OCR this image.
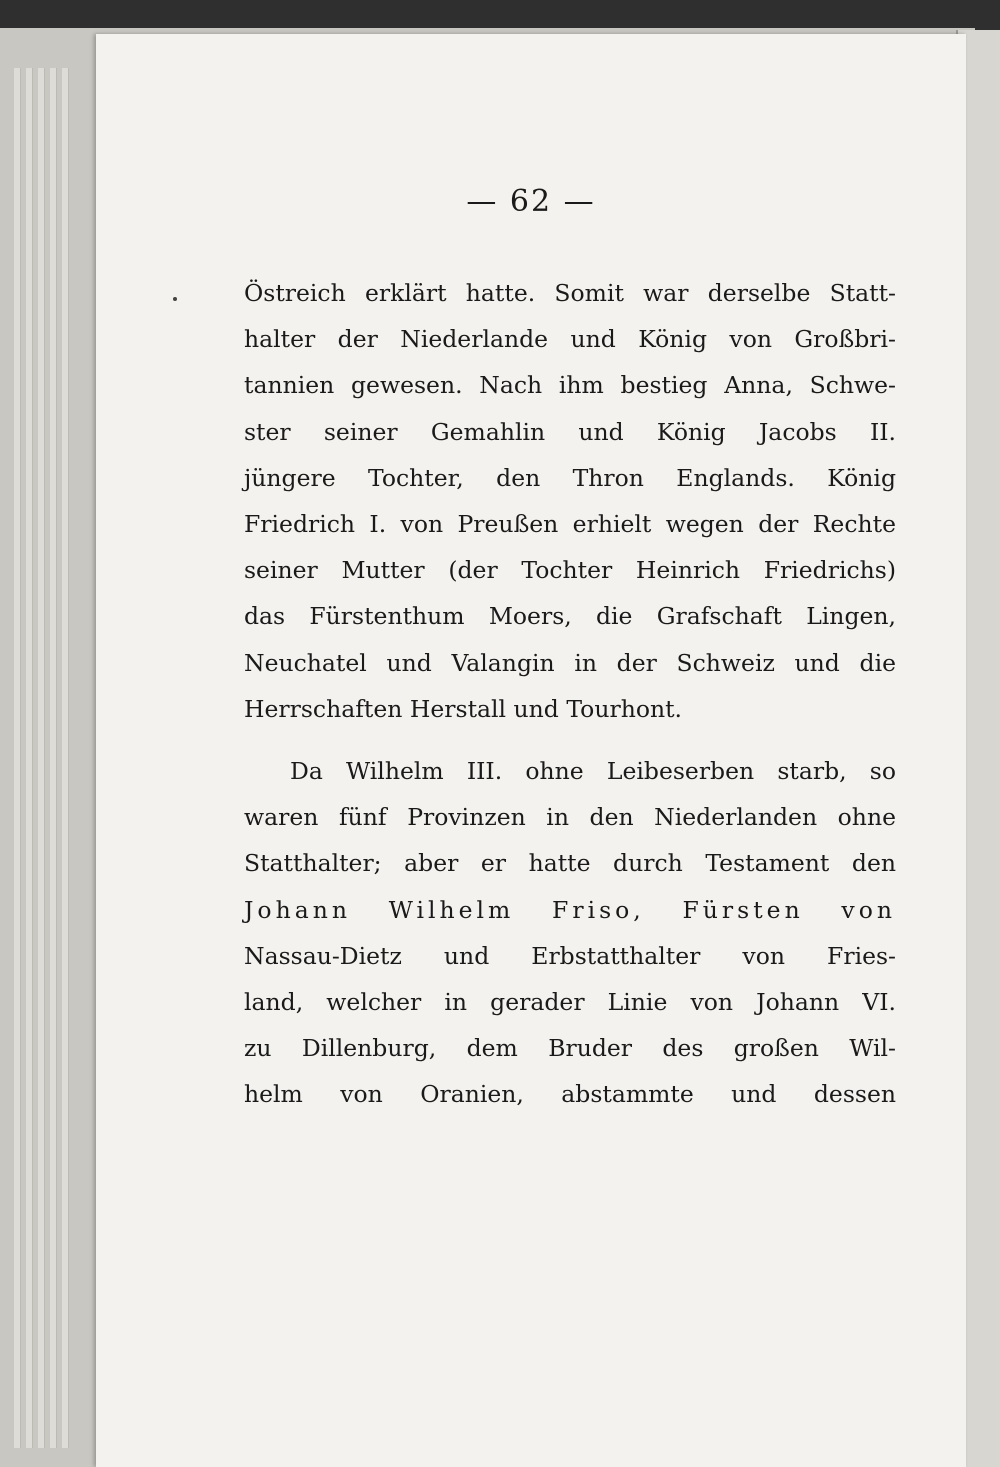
— 62 —
Östreich erklärt hatte. Somit war derselbe Statt-
halter der Niederlande und König von Großbri-
tannien gewesen. Nach ihm bestieg Anna, Schwe-
ster seiner Gemahlin und König Jacobs II.
jüngere Tochter, den Thron Englands. König
Friedrich I. von Preußen erhielt wegen der Rechte
seiner Mutter (der Tochter Heinrich Friedrichs)
das Fürstenthum Moers, die Grafschaft Lingen,
Neuchatel und Valangin in der Schweiz und die
Herrschaften Herstall und Tourhont.
Da Wilhelm III. ohne Leibeserben starb, so
waren fünf Provinzen in den Niederlanden ohne
Statthalter; aber er hatte durch Testament den
Johann Wilhelm Friso, Fürsten von
Nassau-Dietz und Erbstatthalter von Fries-
land, welcher in gerader Linie von Johann VI.
zu Dillenburg, dem Bruder des großen Wil-
helm von Oranien, abstammte und dessen
